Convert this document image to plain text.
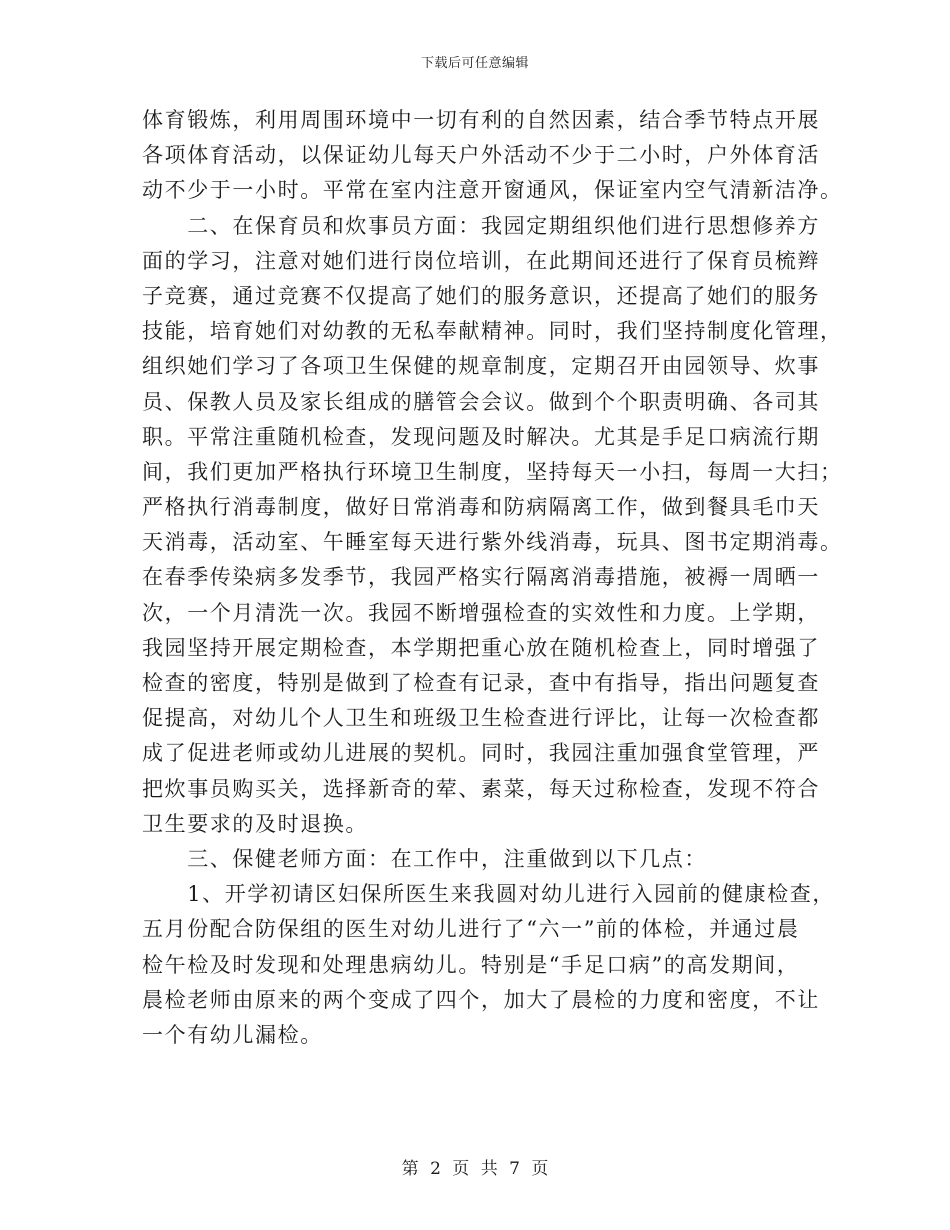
下载后可任意编辑
体育锻炼，利用周围环境中一切有利的自然因素，结合季节特点开展
各项体育活动，以保证幼儿每天户外活动不少于二小时，户外体育活
动不少于一小时。平常在室内注意开窗通风，保证室内空气清新洁净。
　　二、在保育员和炊事员方面：我园定期组织他们进行思想修养方
面的学习，注意对她们进行岗位培训，在此期间还进行了保育员梳辫
子竞赛，通过竞赛不仅提高了她们的服务意识，还提高了她们的服务
技能，培育她们对幼教的无私奉献精神。同时，我们坚持制度化管理，
组织她们学习了各项卫生保健的规章制度，定期召开由园领导、炊事
员、保教人员及家长组成的膳管会会议。做到个个职责明确、各司其
职。平常注重随机检查，发现问题及时解决。尤其是手足口病流行期
间，我们更加严格执行环境卫生制度，坚持每天一小扫，每周一大扫；
严格执行消毒制度，做好日常消毒和防病隔离工作，做到餐具毛巾天
天消毒，活动室、午睡室每天进行紫外线消毒，玩具、图书定期消毒。
在春季传染病多发季节，我园严格实行隔离消毒措施，被褥一周晒一
次，一个月清洗一次。我园不断增强检查的实效性和力度。上学期，
我园坚持开展定期检查，本学期把重心放在随机检查上，同时增强了
检查的密度，特别是做到了检查有记录，查中有指导，指出问题复查
促提高，对幼儿个人卫生和班级卫生检查进行评比，让每一次检查都
成了促进老师或幼儿进展的契机。同时，我园注重加强食堂管理，严
把炊事员购买关，选择新奇的荤、素菜，每天过称检查，发现不符合
卫生要求的及时退换。
　　三、保健老师方面：在工作中，注重做到以下几点：
　　1、开学初请区妇保所医生来我圆对幼儿进行入园前的健康检查，
五月份配合防保组的医生对幼儿进行了“六一”前的体检，并通过晨
检午检及时发现和处理患病幼儿。特别是“手足口病”的高发期间，
晨检老师由原来的两个变成了四个，加大了晨检的力度和密度，不让
一个有幼儿漏检。
第 2 页 共 7 页
